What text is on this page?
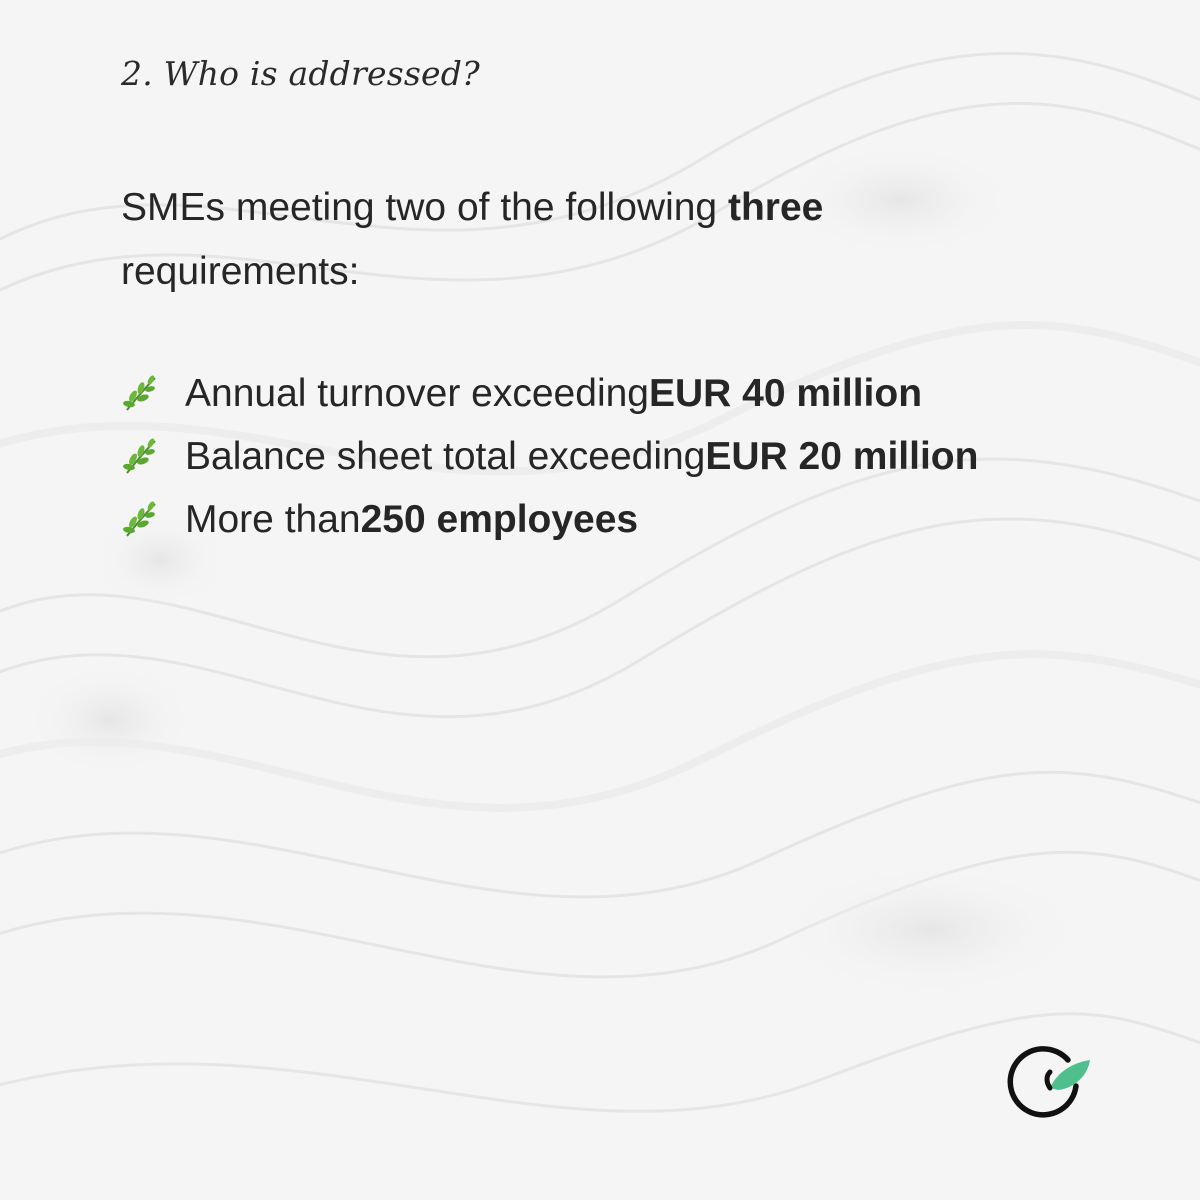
2. Who is addressed?
SMEs meeting two of the following three
requirements:
Annual turnover exceeding EUR 40 million
Balance sheet total exceeding EUR 20 million
More than 250 employees
